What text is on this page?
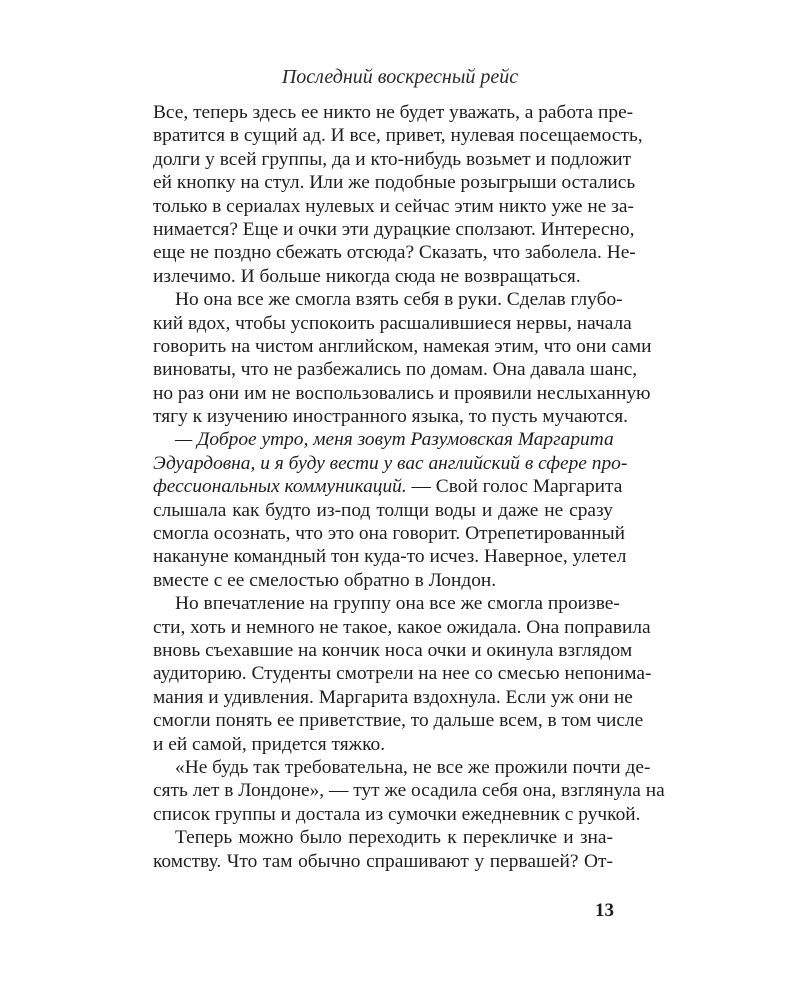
Последний воскресный рейс
Все, теперь здесь ее никто не будет уважать, а работа пре-
вратится в сущий ад. И все, привет, нулевая посещаемость,
долги у всей группы, да и кто-нибудь возьмет и подложит
ей кнопку на стул. Или же подобные розыгрыши остались
только в сериалах нулевых и сейчас этим никто уже не за-
нимается? Еще и очки эти дурацкие сползают. Интересно,
еще не поздно сбежать отсюда? Сказать, что заболела. Не-
излечимо. И больше никогда сюда не возвращаться.
Но она все же смогла взять себя в руки. Сделав глубо-
кий вдох, чтобы успокоить расшалившиеся нервы, начала
говорить на чистом английском, намекая этим, что они сами
виноваты, что не разбежались по домам. Она давала шанс,
но раз они им не воспользовались и проявили неслыханную
тягу к изучению иностранного языка, то пусть мучаются.
— Доброе утро, меня зовут Разумовская Маргарита
Эдуардовна, и я буду вести у вас английский в сфере про-
фессиональных коммуникаций. — Свой голос Маргарита
слышала как будто из-под толщи воды и даже не сразу
смогла осознать, что это она говорит. Отрепетированный
накануне командный тон куда-то исчез. Наверное, улетел
вместе с ее смелостью обратно в Лондон.
Но впечатление на группу она все же смогла произве-
сти, хоть и немного не такое, какое ожидала. Она поправила
вновь съехавшие на кончик носа очки и окинула взглядом
аудиторию. Студенты смотрели на нее со смесью непонима-
мания и удивления. Маргарита вздохнула. Если уж они не
смогли понять ее приветствие, то дальше всем, в том числе
и ей самой, придется тяжко.
«Не будь так требовательна, не все же прожили почти де-
сять лет в Лондоне», — тут же осадила себя она, взглянула на
список группы и достала из сумочки ежедневник с ручкой.
Теперь можно было переходить к перекличке и зна-
комству. Что там обычно спрашивают у первашей? От-
13
